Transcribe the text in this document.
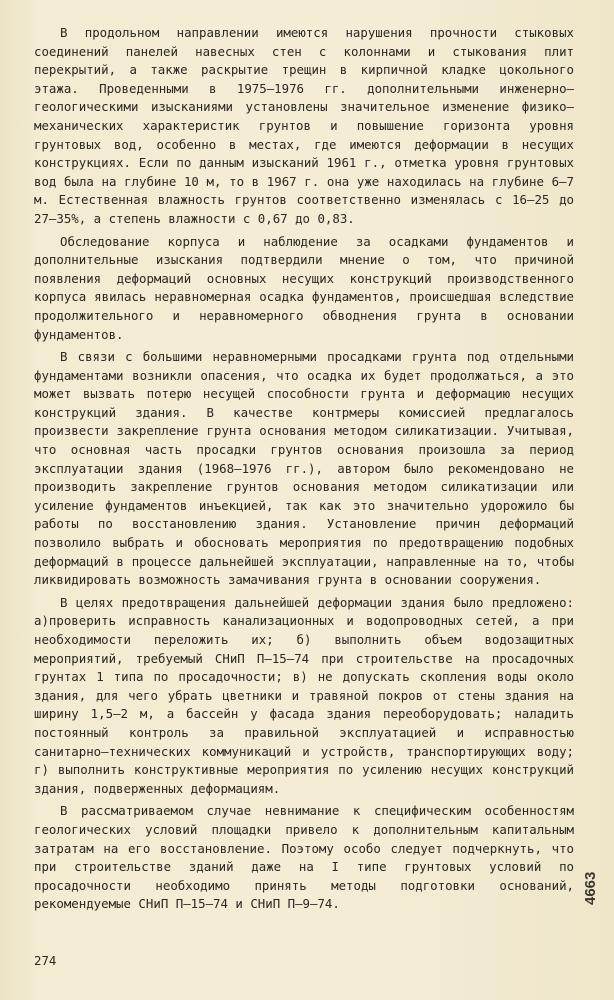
В продольном направлении имеются нарушения прочности стыковых соединений панелей навесных стен с колоннами и стыкования плит перекрытий, а также раскрытие трещин в кирпичной кладке цокольного этажа. Проведенными в 1975–1976 гг. дополнительными инженерно–геологическими изысканиями установлены значительное изменение физико–механических характеристик грунтов и повышение горизонта уровня грунтовых вод, особенно в местах, где имеются деформации в несущих конструкциях. Если по данным изысканий 1961 г., отметка уровня грунтовых вод была на глубине 10 м, то в 1967 г. она уже находилась на глубине 6–7 м. Естественная влажность грунтов соответственно изменялась с 16–25 до 27–35%, а степень влажности с 0,67 до 0,83.

Обследование корпуса и наблюдение за осадками фундаментов и дополнительные изыскания подтвердили мнение о том, что причиной появления деформаций основных несущих конструкций производственного корпуса явилась неравномерная осадка фундаментов, происшедшая вследствие продолжительного и неравномерного обводнения грунта в основании фундаментов.

В связи с большими неравномерными просадками грунта под отдельными фундаментами возникли опасения, что осадка их будет продолжаться, а это может вызвать потерю несущей способности грунта и деформацию несущих конструкций здания. В качестве контрмеры комиссией предлагалось произвести закрепление грунта основания методом силикатизации. Учитывая, что основная часть просадки грунтов основания произошла за период эксплуатации здания (1968–1976 гг.), автором было рекомендовано не производить закрепление грунтов основания методом силикатизации или усиление фундаментов инъекцией, так как это значительно удорожило бы работы по восстановлению здания. Установление причин деформаций позволило выбрать и обосновать мероприятия по предотвращению подобных деформаций в процессе дальнейшей эксплуатации, направленные на то, чтобы ликвидировать возможность замачивания грунта в основании сооружения.

В целях предотвращения дальнейшей деформации здания было предложено: а)проверить исправность канализационных и водопроводных сетей, а при необходимости переложить их; б) выполнить объем водозащитных мероприятий, требуемый СНиП П–15–74 при строительстве на просадочных грунтах 1 типа по просадочности; в) не допускать скопления воды около здания, для чего убрать цветники и травяной покров от стены здания на ширину 1,5–2 м, а бассейн у фасада здания переоборудовать; наладить постоянный контроль за правильной эксплуатацией и исправностью санитарно–технических коммуникаций и устройств, транспортирующих воду; г) выполнить конструктивные мероприятия по усилению несущих конструкций здания, подверженных деформациям.

В рассматриваемом случае невнимание к специфическим особенностям геологических условий площадки привело к дополнительным капитальным затратам на его восстановление. Поэтому особо следует подчеркнуть, что при строительстве зданий даже на I типе грунтовых условий по просадочности необходимо принять методы подготовки оснований, рекомендуемые СНиП П–15–74 и СНиП П–9–74.

274
4663
